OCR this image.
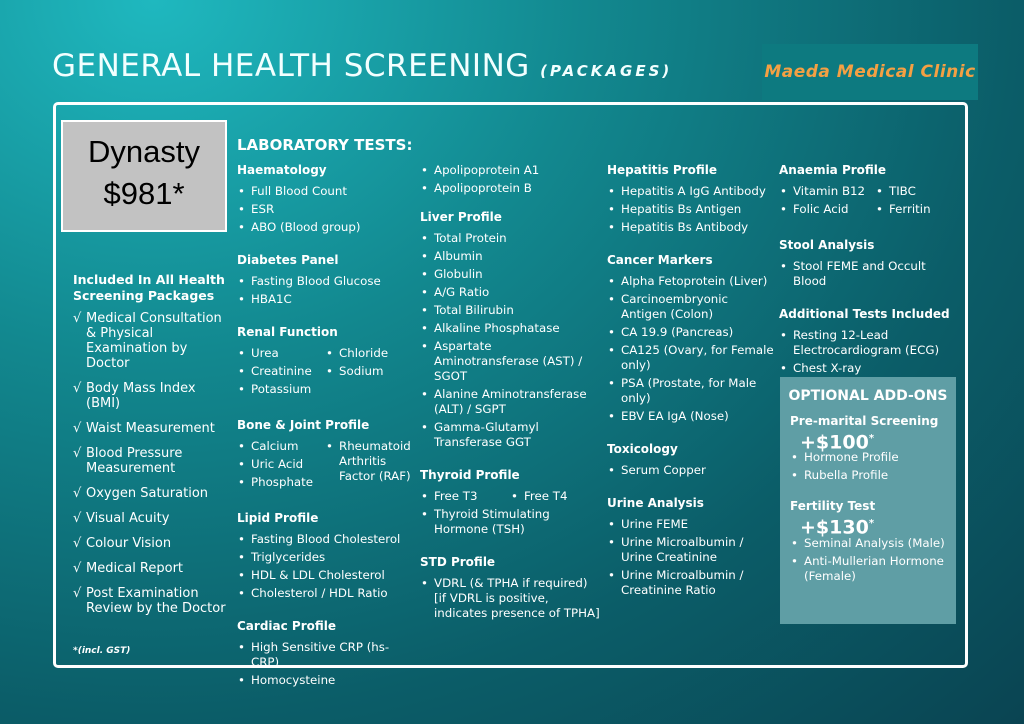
GENERAL HEALTH SCREENING (PACKAGES)	Maeda Medical Clinic
Dynasty
$981*
Included In All Health Screening Packages
√ Medical Consultation & Physical Examination by Doctor
√ Body Mass Index (BMI)
√ Waist Measurement
√ Blood Pressure Measurement
√ Oxygen Saturation
√ Visual Acuity
√ Colour Vision
√ Medical Report
√ Post Examination Review by the Doctor
LABORATORY TESTS:
Haematology
• Full Blood Count
• ESR
• ABO (Blood group)
Diabetes Panel
• Fasting Blood Glucose
• HBA1C
Renal Function
• Urea
• Creatinine
• Potassium
• Chloride
• Sodium
Bone & Joint Profile
• Calcium
• Uric Acid
• Phosphate
• Rheumatoid Arthritis Factor (RAF)
Lipid Profile
• Fasting Blood Cholesterol
• Triglycerides
• HDL & LDL Cholesterol
• Cholesterol / HDL Ratio
Cardiac Profile
• High Sensitive CRP (hs-CRP)
• Homocysteine
• Apolipoprotein A1
• Apolipoprotein B
Liver Profile
• Total Protein
• Albumin
• Globulin
• A/G Ratio
• Total Bilirubin
• Alkaline Phosphatase
• Aspartate Aminotransferase (AST) / SGOT
• Alanine Aminotransferase (ALT) / SGPT
• Gamma-Glutamyl Transferase GGT
Thyroid Profile
• Free T3
•	Free T4
• Thyroid Stimulating Hormone (TSH)
STD Profile
• VDRL (& TPHA if required) [if VDRL is positive, indicates presence of TPHA]
Hepatitis Profile
• Hepatitis A IgG Antibody
• Hepatitis Bs Antigen
• Hepatitis Bs Antibody
Cancer Markers
• Alpha Fetoprotein (Liver)
• Carcinoembryonic Antigen (Colon)
• CA 19.9 (Pancreas)
• CA125 (Ovary, for Female only)
• PSA (Prostate, for Male only)
• EBV EA IgA (Nose)
Toxicology
• Serum Copper
Urine Analysis
• Urine FEME
• Urine Microalbumin / Urine Creatinine
• Urine Microalbumin / Creatinine Ratio
Anaemia Profile
• Vitamin B12
• Folic Acid
• TIBC
• Ferritin
Stool Analysis
• Stool FEME and Occult Blood
Additional Tests Included
• Resting 12-Lead Electrocardiogram (ECG)
• Chest X-ray
OPTIONAL ADD-ONS
Pre-marital Screening
+$100*
• Hormone Profile
• Rubella Profile
Fertility Test
+$130*
• Seminal Analysis (Male)
• Anti-Mullerian Hormone (Female)
*(incl. GST)
